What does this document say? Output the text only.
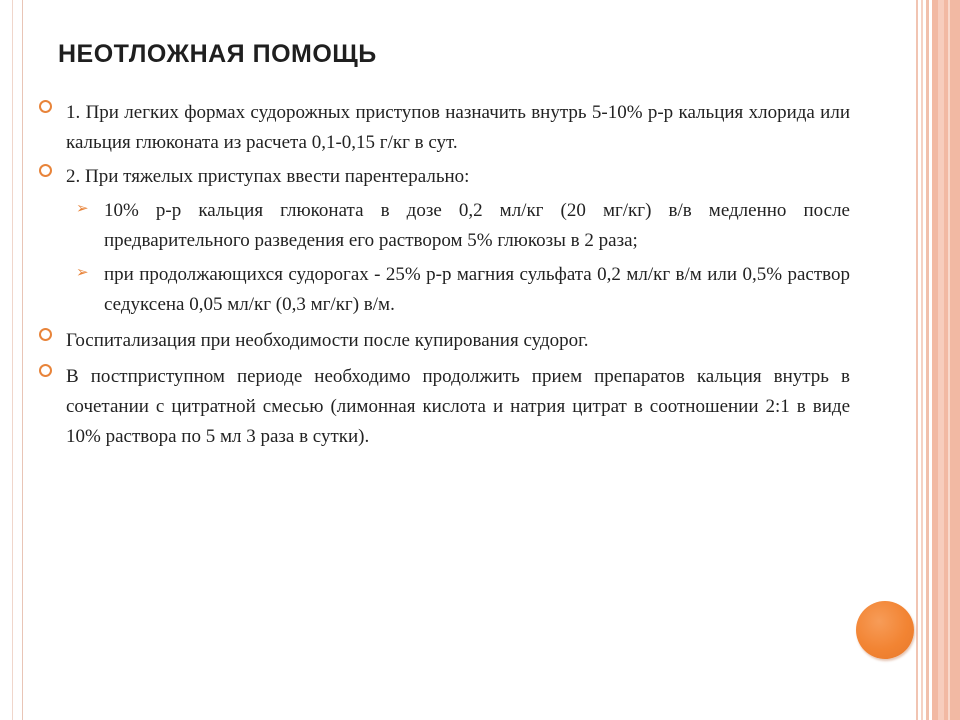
НЕОТЛОЖНАЯ ПОМОЩЬ
1. При легких формах судорожных приступов назначить внутрь 5-10% р-р кальция хлорида или кальция глюконата из расчета 0,1-0,15 г/кг в сут.
2. При тяжелых приступах ввести парентерально:
➢ 10% р-р кальция глюконата в дозе 0,2 мл/кг (20 мг/кг) в/в медленно после предварительного разведения его раствором 5% глюкозы в 2 раза;
➢ при продолжающихся судорогах - 25% р-р магния сульфата 0,2 мл/кг в/м или 0,5% раствор седуксена 0,05 мл/кг (0,3 мг/кг) в/м.
Госпитализация при необходимости после купирования судорог.
В постприступном периоде необходимо продолжить прием препаратов кальция внутрь в сочетании с цитратной смесью (лимонная кислота и натрия цитрат в соотношении 2:1 в виде 10% раствора по 5 мл 3 раза в сутки).
